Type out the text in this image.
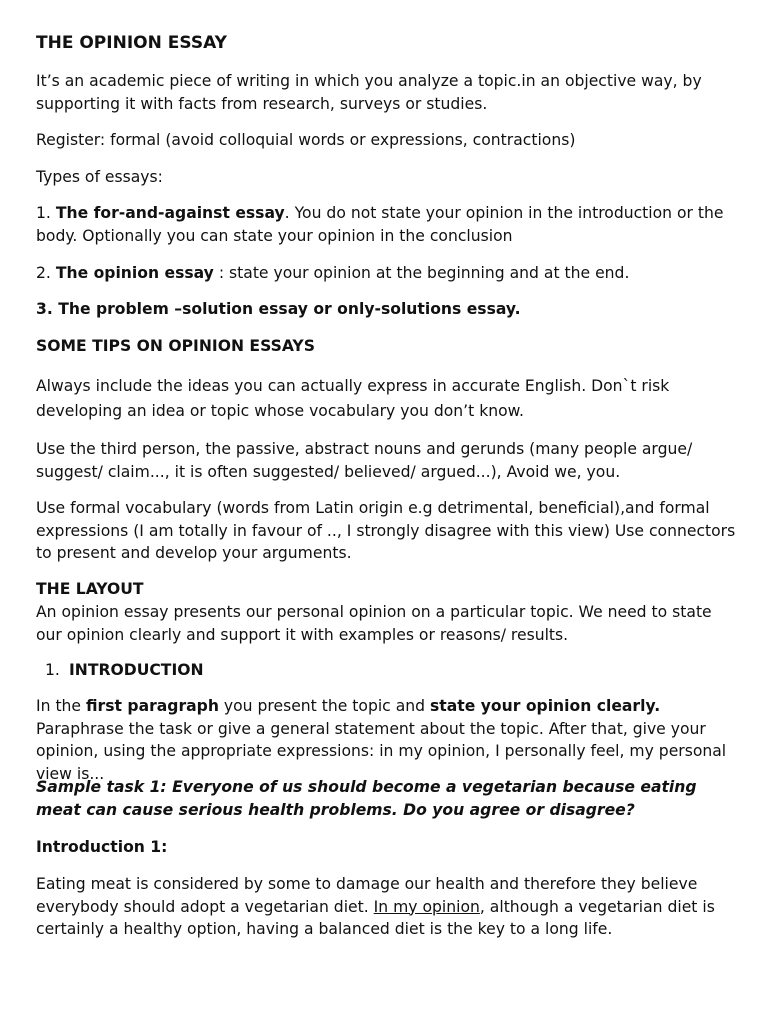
THE OPINION ESSAY

It’s an academic piece of writing in which you analyze a topic.in an objective way, by supporting it with facts from research, surveys or studies.

Register: formal (avoid colloquial words or expressions, contractions)

Types of essays:

1. The for-and-against essay. You do not state your opinion in the introduction or the body. Optionally you can state your opinion in the conclusion

2. The opinion essay : state your opinion at the beginning and at the end.

3. The problem –solution essay or only-solutions essay.

SOME TIPS ON OPINION ESSAYS

Always include the ideas you can actually express in accurate English. Don`t risk developing an idea or topic whose vocabulary you don’t know.

Use the third person, the passive, abstract nouns and gerunds (many people argue/ suggest/ claim..., it is often suggested/ believed/ argued...), Avoid we, you.

Use formal vocabulary (words from Latin origin e.g detrimental, beneficial),and formal expressions (I am totally in favour of .., I strongly disagree with this view) Use connectors to present and develop your arguments.

THE LAYOUT

An opinion essay presents our personal opinion on a particular topic. We need to state our opinion clearly and support it with examples or reasons/ results.

1. INTRODUCTION

In the first paragraph you present the topic and state your opinion clearly. Paraphrase the task or give a general statement about the topic. After that, give your opinion, using the appropriate expressions: in my opinion, I personally feel, my personal view is...

Sample task 1: Everyone of us should become a vegetarian because eating meat can cause serious health problems. Do you agree or disagree?

Introduction 1:

Eating meat is considered by some to damage our health and therefore they believe everybody should adopt a vegetarian diet. In my opinion, although a vegetarian diet is certainly a healthy option, having a balanced diet is the key to a long life.
